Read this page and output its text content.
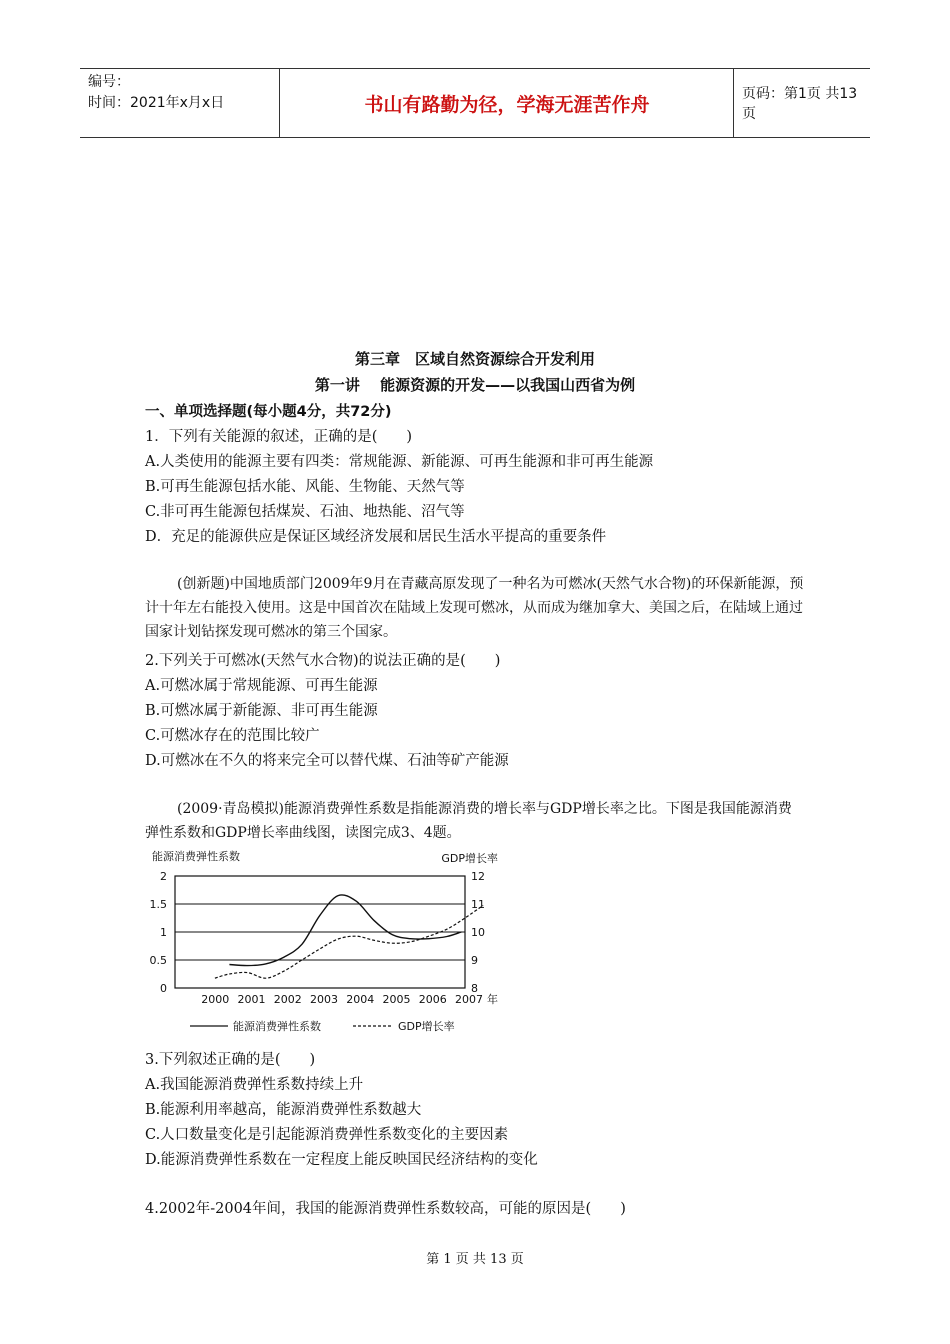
编号：
时间：2021年x月x日	书山有路勤为径，学海无涯苦作舟	页码：第1页 共13页
第三章　区域自然资源综合开发利用
第一讲　 能源资源的开发——以我国山西省为例
一、单项选择题(每小题4分，共72分)
1．下列有关能源的叙述，正确的是(　　)
A.人类使用的能源主要有四类：常规能源、新能源、可再生能源和非可再生能源
B.可再生能源包括水能、风能、生物能、天然气等
C.非可再生能源包括煤炭、石油、地热能、沼气等
D．充足的能源供应是保证区域经济发展和居民生活水平提高的重要条件
(创新题)中国地质部门2009年9月在青藏高原发现了一种名为可燃冰(天然气水合物)的环保新能源，预计十年左右能投入使用。这是中国首次在陆域上发现可燃冰，从而成为继加拿大、美国之后，在陆域上通过国家计划钻探发现可燃冰的第三个国家。
2.下列关于可燃冰(天然气水合物)的说法正确的是(　　)
A.可燃冰属于常规能源、可再生能源
B.可燃冰属于新能源、非可再生能源
C.可燃冰存在的范围比较广
D.可燃冰在不久的将来完全可以替代煤、石油等矿产能源
(2009·青岛模拟)能源消费弹性系数是指能源消费的增长率与GDP增长率之比。下图是我国能源消费弹性系数和GDP增长率曲线图，读图完成3、4题。
能源消费弹性系数	GDP增长率
0
0.5
1
1.5
2
8
9
10
11
12
2000 2001 2002 2003 2004 2005 2006 2007 年
能源消费弹性系数	GDP增长率
3.下列叙述正确的是(　　)
A.我国能源消费弹性系数持续上升
B.能源利用率越高，能源消费弹性系数越大
C.人口数量变化是引起能源消费弹性系数变化的主要因素
D.能源消费弹性系数在一定程度上能反映国民经济结构的变化
4.2002年-2004年间，我国的能源消费弹性系数较高，可能的原因是(　　)
第 1 页 共 13 页
